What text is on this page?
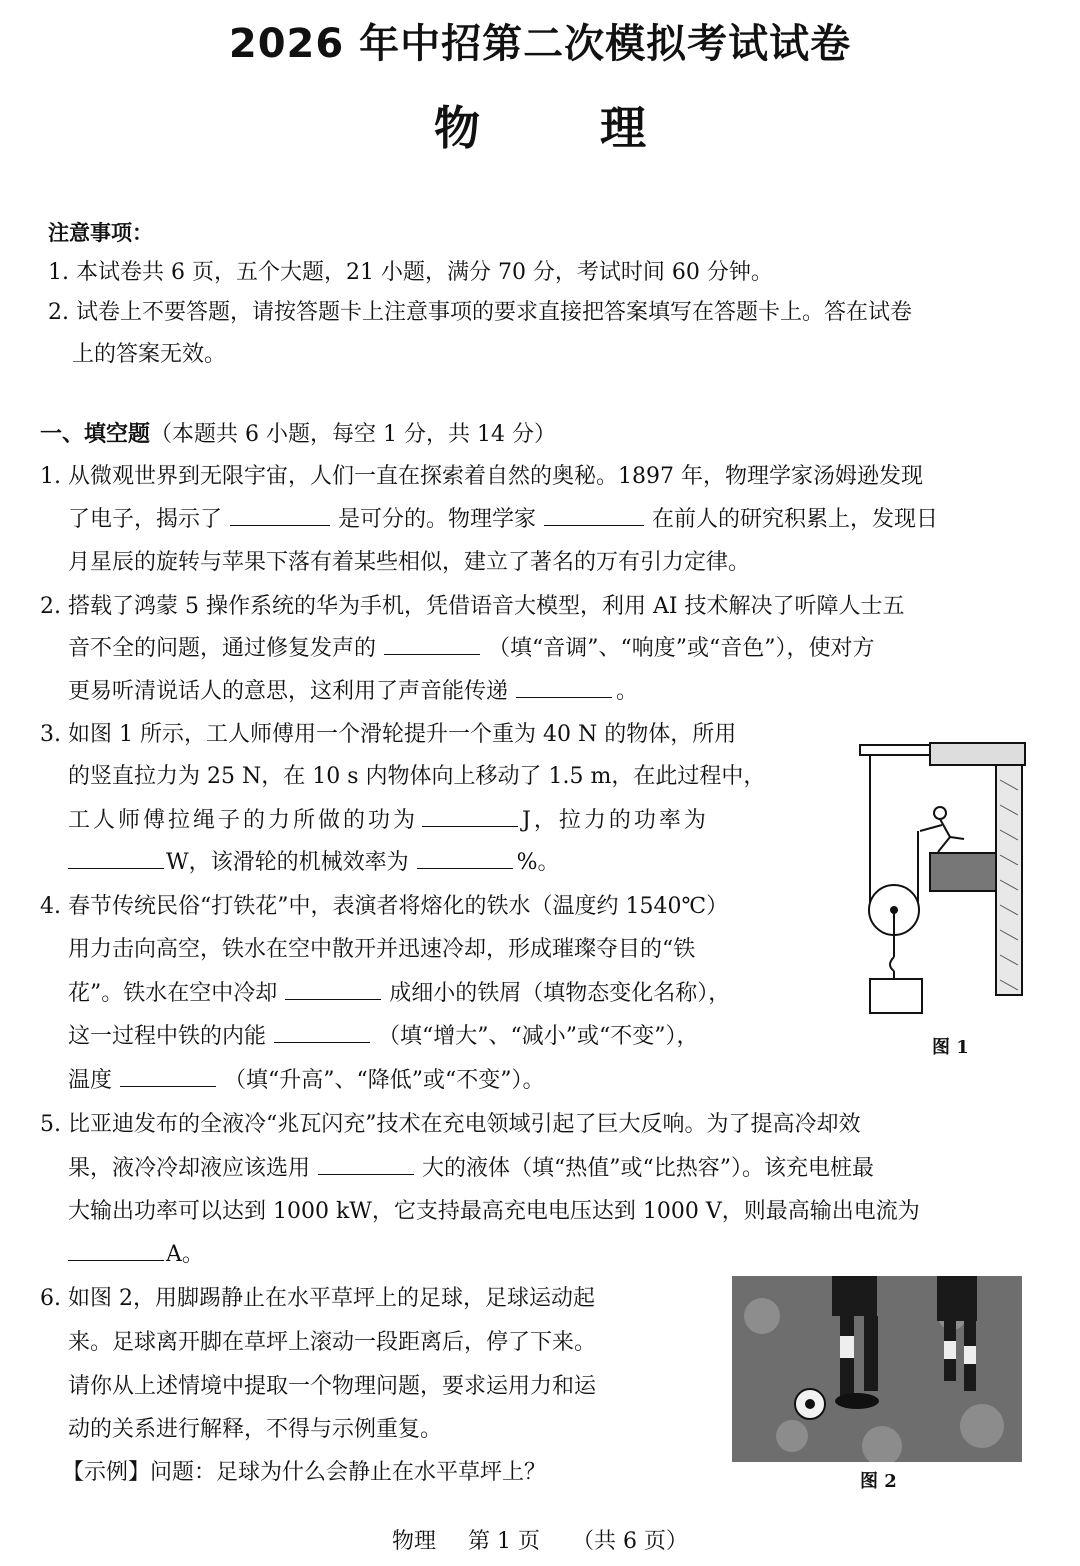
2026 年中招第二次模拟考试试卷
物	理
注意事项：
1. 本试卷共 6 页，五个大题，21 小题，满分 70 分，考试时间 60 分钟。
2. 试卷上不要答题，请按答题卡上注意事项的要求直接把答案填写在答题卡上。答在试卷
上的答案无效。
一、填空题（本题共 6 小题，每空 1 分，共 14 分）
1. 从微观世界到无限宇宙，人们一直在探索着自然的奥秘。1897 年，物理学家汤姆逊发现
了电子，揭示了	是可分的。物理学家	在前人的研究积累上，发现日
月星辰的旋转与苹果下落有着某些相似，建立了著名的万有引力定律。
2. 搭载了鸿蒙 5 操作系统的华为手机，凭借语音大模型，利用 AI 技术解决了听障人士五
音不全的问题，通过修复发声的	（填“音调”、“响度”或“音色”），使对方
更易听清说话人的意思，这利用了声音能传递	。
3. 如图 1 所示，工人师傅用一个滑轮提升一个重为 40 N 的物体，所用
的竖直拉力为 25 N，在 10 s 内物体向上移动了 1.5 m，在此过程中，
工人师傅拉绳子的力所做的功为	J，拉力的功率为
W，该滑轮的机械效率为	%。
4. 春节传统民俗“打铁花”中，表演者将熔化的铁水（温度约 1540℃）
用力击向高空，铁水在空中散开并迅速冷却，形成璀璨夺目的“铁
花”。铁水在空中冷却	成细小的铁屑（填物态变化名称），
这一过程中铁的内能	（填“增大”、“减小”或“不变”），
温度	（填“升高”、“降低”或“不变”）。
5. 比亚迪发布的全液冷“兆瓦闪充”技术在充电领域引起了巨大反响。为了提高冷却效
果，液冷冷却液应该选用	大的液体（填“热值”或“比热容”）。该充电桩最
大输出功率可以达到 1000 kW，它支持最高充电电压达到 1000 V，则最高输出电流为
A。
6. 如图 2，用脚踢静止在水平草坪上的足球，足球运动起
来。足球离开脚在草坪上滚动一段距离后，停了下来。
请你从上述情境中提取一个物理问题，要求运用力和运
动的关系进行解释，不得与示例重复。
【示例】问题：足球为什么会静止在水平草坪上？
图 1
图 2
物理 第 1 页 （共 6 页）
